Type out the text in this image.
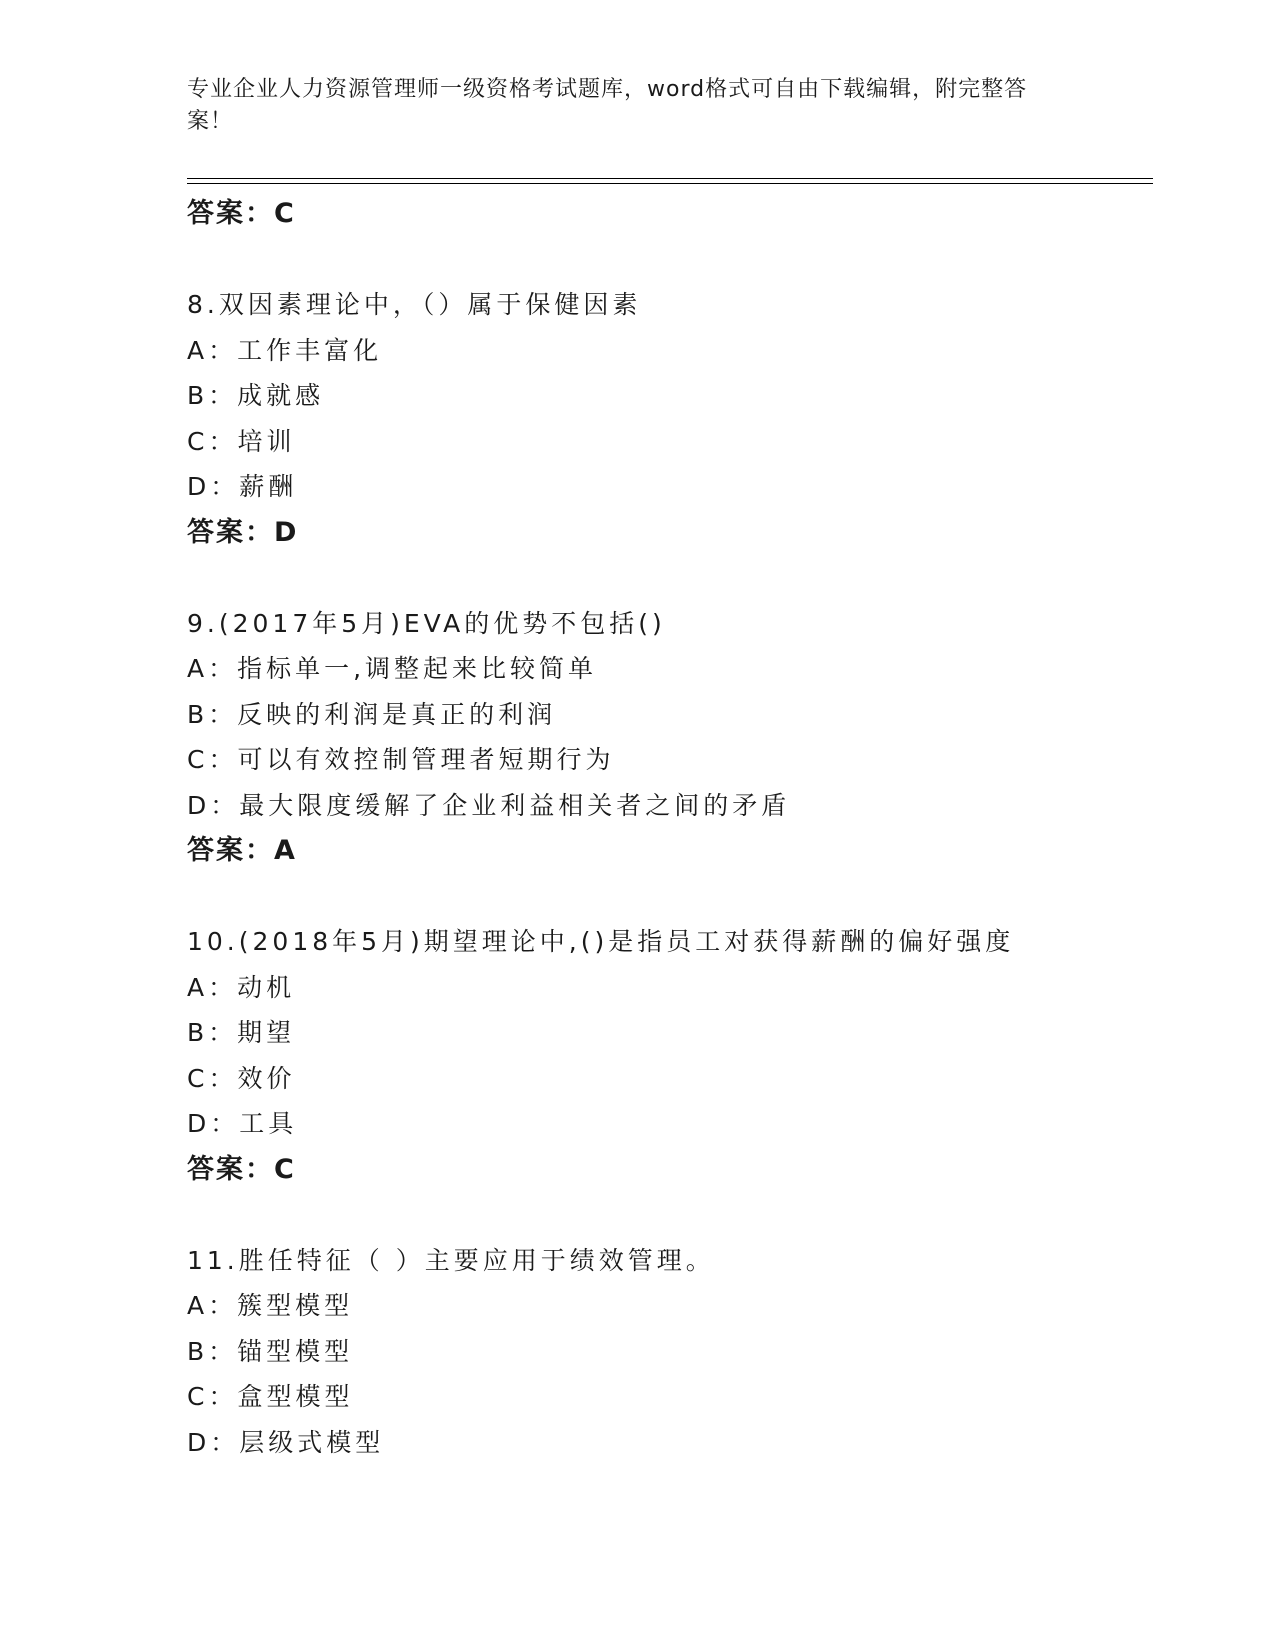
专业企业人力资源管理师一级资格考试题库，word格式可自由下载编辑，附完整答案！
答案：C
8.双因素理论中，（）属于保健因素
A：工作丰富化
B：成就感
C：培训
D：薪酬
答案：D
9.(2017年5月)EVA的优势不包括()
A：指标单一,调整起来比较简单
B：反映的利润是真正的利润
C：可以有效控制管理者短期行为
D：最大限度缓解了企业利益相关者之间的矛盾
答案：A
10.(2018年5月)期望理论中,()是指员工对获得薪酬的偏好强度
A：动机
B：期望
C：效价
D：工具
答案：C
11.胜任特征（ ）主要应用于绩效管理。
A：簇型模型
B：锚型模型
C：盒型模型
D：层级式模型
